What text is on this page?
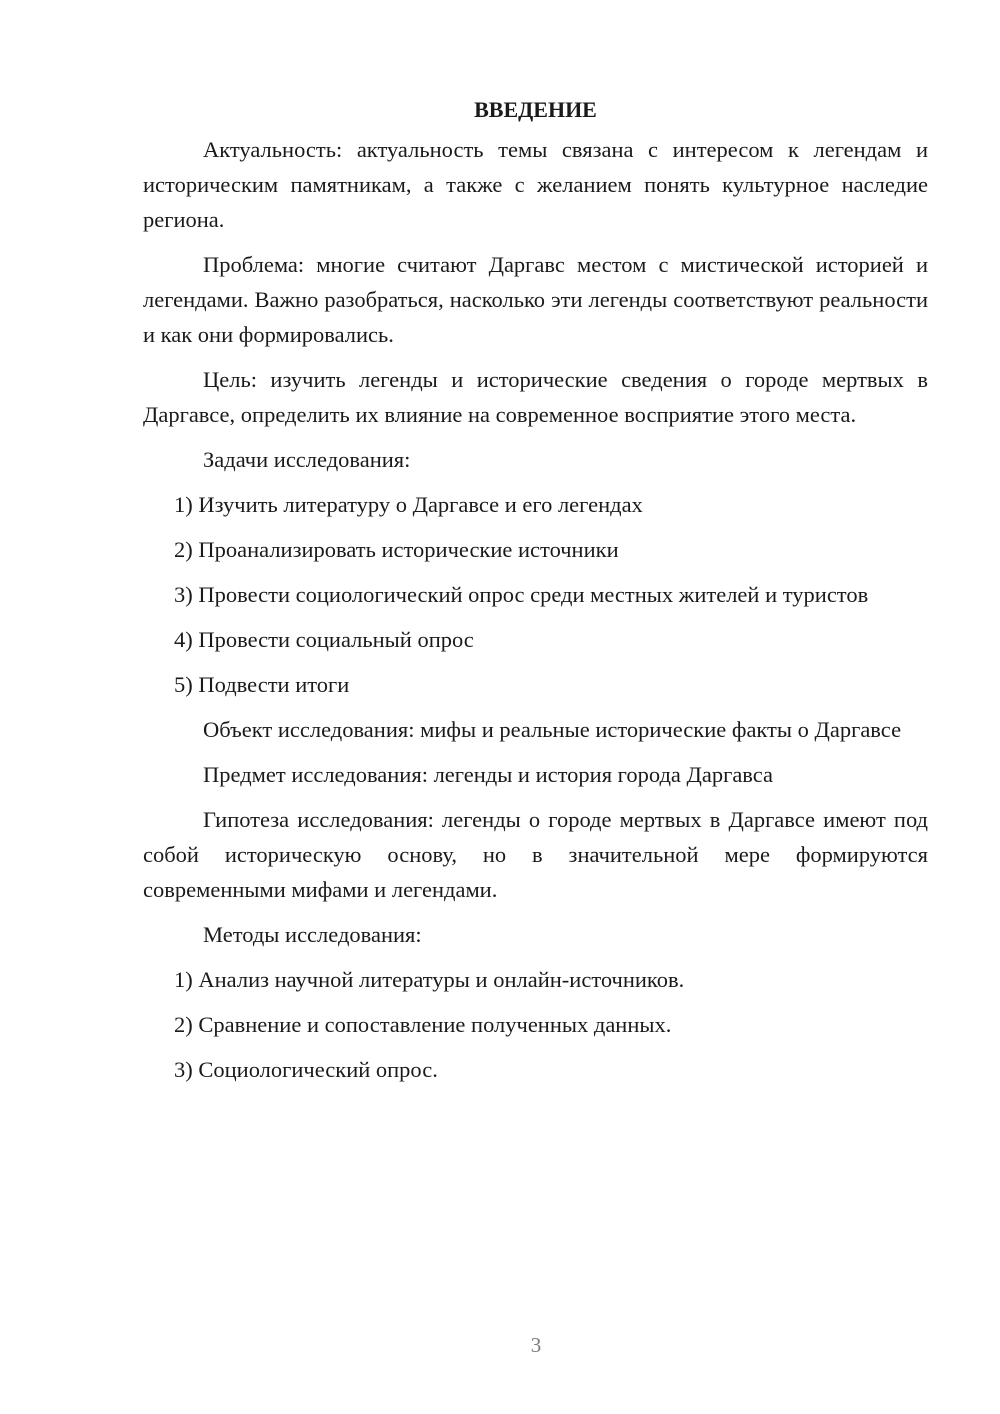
ВВЕДЕНИЕ

Актуальность: актуальность темы связана с интересом к легендам и историческим памятникам, а также с желанием понять культурное наследие региона.

Проблема: многие считают Даргавс местом с мистической историей и легендами. Важно разобраться, насколько эти легенды соответствуют реальности и как они формировались.

Цель: изучить легенды и исторические сведения о городе мертвых в Даргавсе, определить их влияние на современное восприятие этого места.

Задачи исследования:

1) Изучить литературу о Даргавсе и его легендах

2) Проанализировать исторические источники

3) Провести социологический опрос среди местных жителей и туристов

4) Провести социальный опрос

5) Подвести итоги

Объект исследования: мифы и реальные исторические факты о Даргавсе

Предмет исследования: легенды и история города Даргавса

Гипотеза исследования: легенды о городе мертвых в Даргавсе имеют под собой историческую основу, но в значительной мере формируются современными мифами и легендами.

Методы исследования:

1) Анализ научной литературы и онлайн-источников.

2) Сравнение и сопоставление полученных данных.

3) Социологический опрос.

3
